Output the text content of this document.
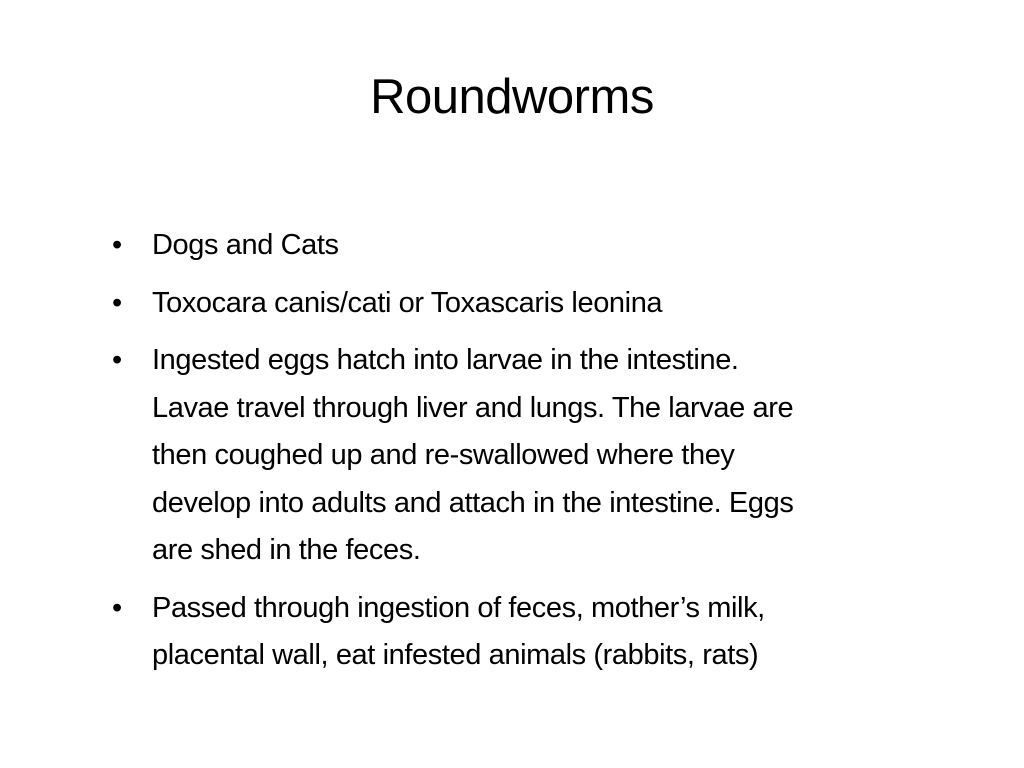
Roundworms
•	Dogs and Cats
•	Toxocara canis/cati or Toxascaris leonina
•	Ingested eggs hatch into larvae in the intestine.
Lavae travel through liver and lungs. The larvae are
then coughed up and re-swallowed where they
develop into adults and attach in the intestine. Eggs
are shed in the feces.
•	Passed through ingestion of feces, mother’s milk,
placental wall, eat infested animals (rabbits, rats)
